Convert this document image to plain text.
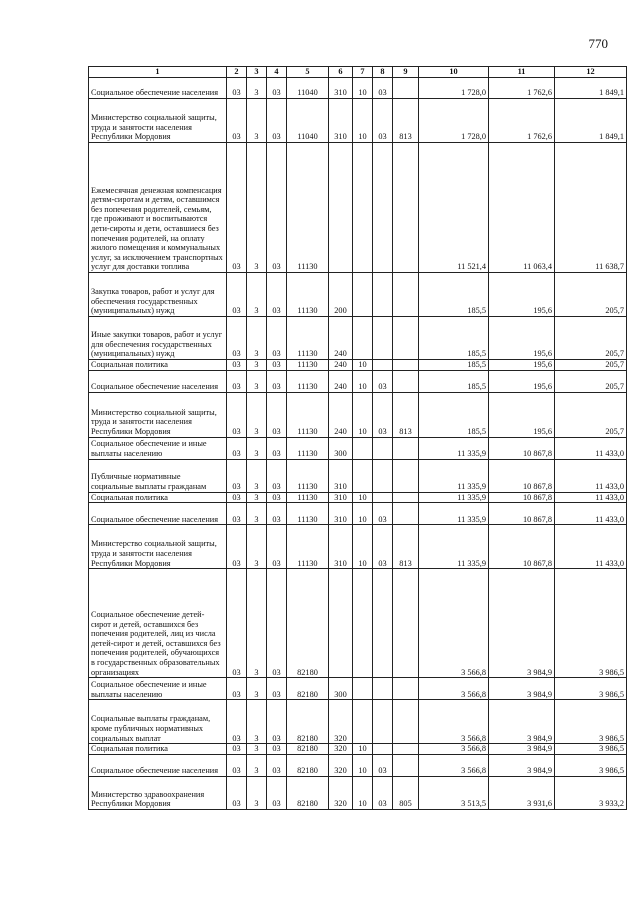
770
1	2	3	4	5	6	7	8	9	10	11	12
Социальное обеспечение населения	03	3	03	11040	310	10	03		1 728,0	1 762,6	1 849,1
Министерство социальной защиты, труда и занятости населения Республики Мордовия	03	3	03	11040	310	10	03	813	1 728,0	1 762,6	1 849,1
Ежемесячная денежная компенсация детям-сиротам и детям, оставшимся без попечения родителей, семьям, где проживают и воспитываются дети-сироты и дети, оставшиеся без попечения родителей, на оплату жилого помещения и коммунальных услуг, за исключением транспортных услуг для доставки топлива	03	3	03	11130					11 521,4	11 063,4	11 638,7
Закупка товаров, работ и услуг для обеспечения государственных (муниципальных) нужд	03	3	03	11130	200				185,5	195,6	205,7
Иные закупки товаров, работ и услуг для обеспечения государственных (муниципальных) нужд	03	3	03	11130	240				185,5	195,6	205,7
Социальная политика	03	3	03	11130	240	10			185,5	195,6	205,7
Социальное обеспечение населения	03	3	03	11130	240	10	03		185,5	195,6	205,7
Министерство социальной защиты, труда и занятости населения Республики Мордовия	03	3	03	11130	240	10	03	813	185,5	195,6	205,7
Социальное обеспечение и иные выплаты населению	03	3	03	11130	300				11 335,9	10 867,8	11 433,0
Публичные нормативные социальные выплаты гражданам	03	3	03	11130	310				11 335,9	10 867,8	11 433,0
Социальная политика	03	3	03	11130	310	10			11 335,9	10 867,8	11 433,0
Социальное обеспечение населения	03	3	03	11130	310	10	03		11 335,9	10 867,8	11 433,0
Министерство социальной защиты, труда и занятости населения Республики Мордовия	03	3	03	11130	310	10	03	813	11 335,9	10 867,8	11 433,0
Социальное обеспечение детей-сирот и детей, оставшихся без попечения родителей, лиц из числа детей-сирот и детей, оставшихся без попечения родителей, обучающихся в государственных образовательных организациях	03	3	03	82180					3 566,8	3 984,9	3 986,5
Социальное обеспечение и иные выплаты населению	03	3	03	82180	300				3 566,8	3 984,9	3 986,5
Социальные выплаты гражданам, кроме публичных нормативных социальных выплат	03	3	03	82180	320				3 566,8	3 984,9	3 986,5
Социальная политика	03	3	03	82180	320	10			3 566,8	3 984,9	3 986,5
Социальное обеспечение населения	03	3	03	82180	320	10	03		3 566,8	3 984,9	3 986,5
Министерство здравоохранения Республики Мордовия	03	3	03	82180	320	10	03	805	3 513,5	3 931,6	3 933,2
